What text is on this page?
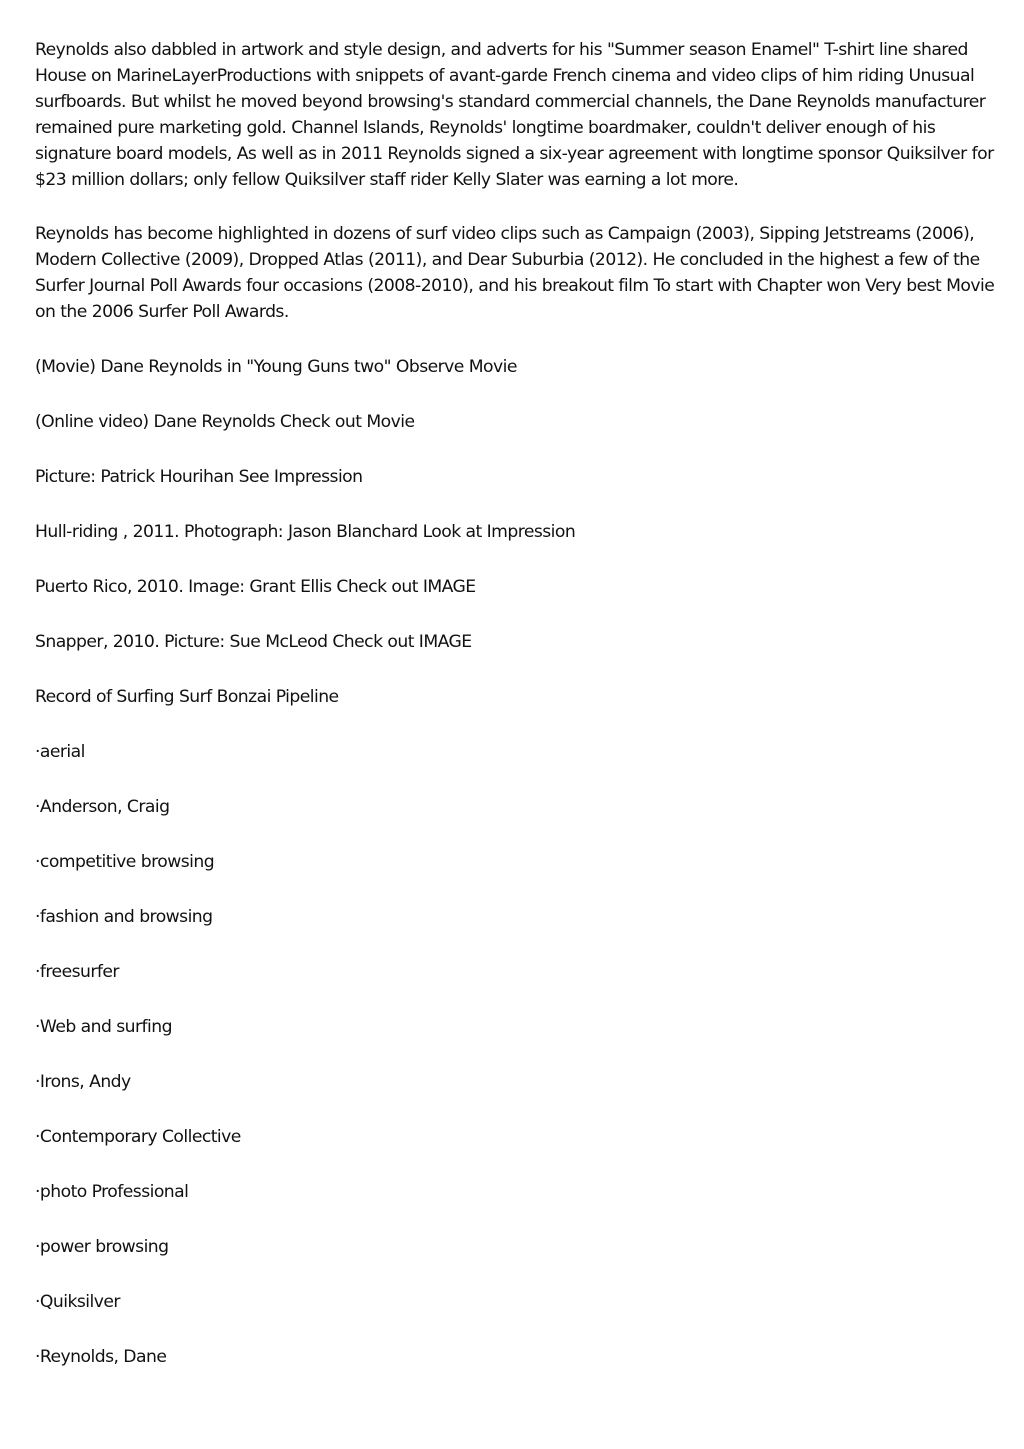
Reynolds also dabbled in artwork and style design, and adverts for his "Summer season Enamel" T-shirt line shared House on MarineLayerProductions with snippets of avant-garde French cinema and video clips of him riding Unusual surfboards. But whilst he moved beyond browsing's standard commercial channels, the Dane Reynolds manufacturer remained pure marketing gold. Channel Islands, Reynolds' longtime boardmaker, couldn't deliver enough of his signature board models, As well as in 2011 Reynolds signed a six-year agreement with longtime sponsor Quiksilver for $23 million dollars; only fellow Quiksilver staff rider Kelly Slater was earning a lot more.

Reynolds has become highlighted in dozens of surf video clips such as Campaign (2003), Sipping Jetstreams (2006), Modern Collective (2009), Dropped Atlas (2011), and Dear Suburbia (2012). He concluded in the highest a few of the Surfer Journal Poll Awards four occasions (2008-2010), and his breakout film To start with Chapter won Very best Movie on the 2006 Surfer Poll Awards.

(Movie) Dane Reynolds in "Young Guns two" Observe Movie
(Online video) Dane Reynolds Check out Movie
Picture: Patrick Hourihan See Impression
Hull-riding , 2011. Photograph: Jason Blanchard Look at Impression
Puerto Rico, 2010. Image: Grant Ellis Check out IMAGE
Snapper, 2010. Picture: Sue McLeod Check out IMAGE
Record of Surfing Surf Bonzai Pipeline
·aerial
·Anderson, Craig
·competitive browsing
·fashion and browsing
·freesurfer
·Web and surfing
·Irons, Andy
·Contemporary Collective
·photo Professional
·power browsing
·Quiksilver
·Reynolds, Dane
